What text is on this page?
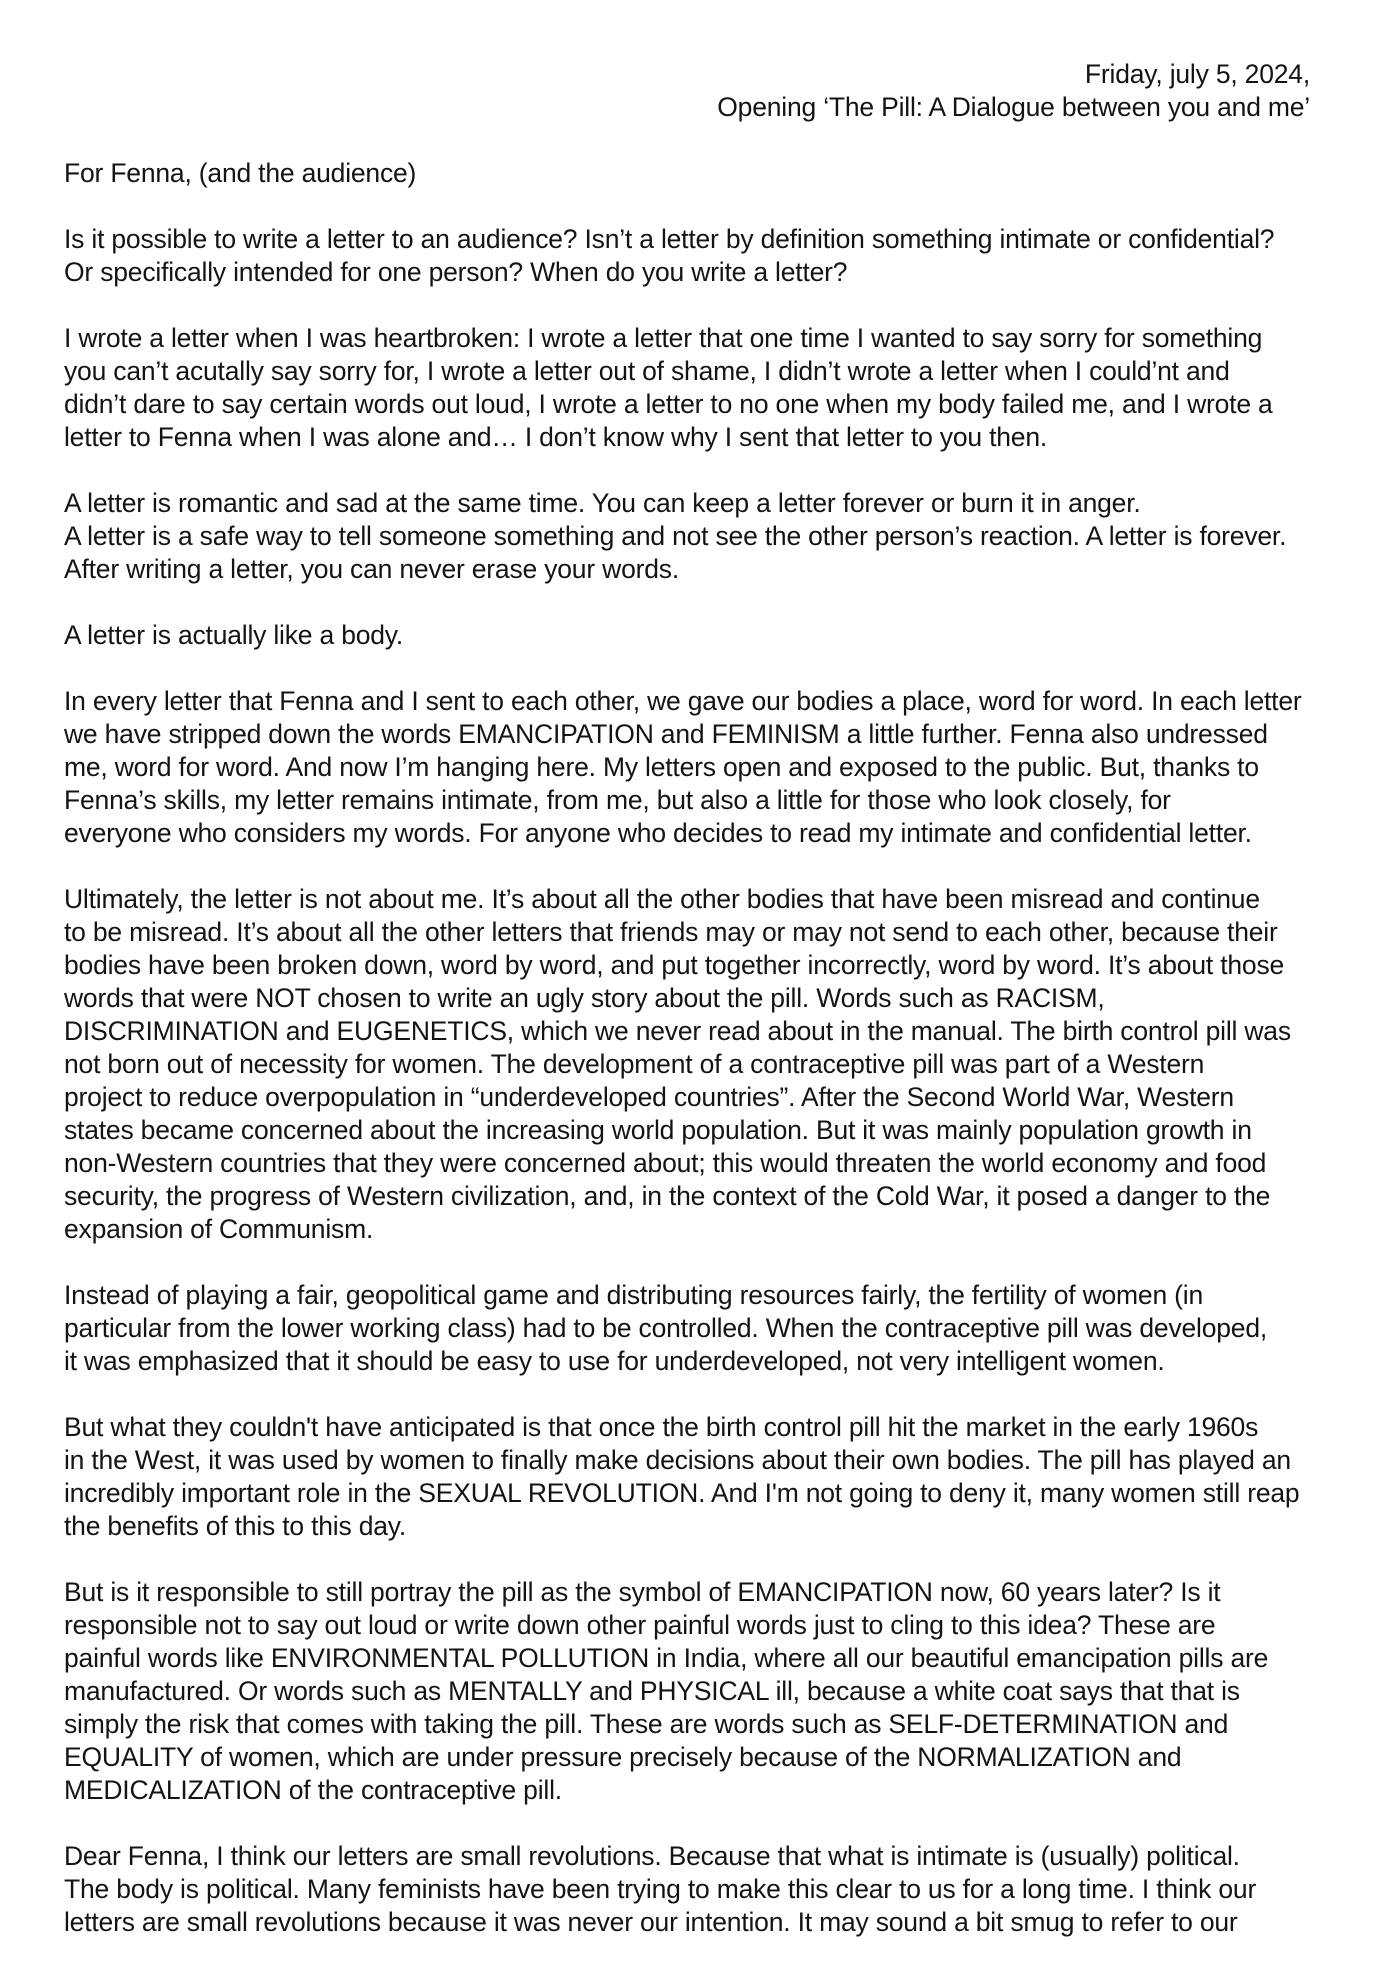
Friday, july 5, 2024,
Opening ‘The Pill: A Dialogue between you and me’
For Fenna, (and the audience)
Is it possible to write a letter to an audience? Isn’t a letter by definition something intimate or confidential?
Or specifically intended for one person? When do you write a letter?
I wrote a letter when I was heartbroken: I wrote a letter that one time I wanted to say sorry for something
you can’t acutally say sorry for, I wrote a letter out of shame, I didn’t wrote a letter when I could’nt and
didn’t dare to say certain words out loud, I wrote a letter to no one when my body failed me, and I wrote a
letter to Fenna when I was alone and… I don’t know why I sent that letter to you then.
A letter is romantic and sad at the same time. You can keep a letter forever or burn it in anger.
A letter is a safe way to tell someone something and not see the other person’s reaction. A letter is forever.
After writing a letter, you can never erase your words.
A letter is actually like a body.
In every letter that Fenna and I sent to each other, we gave our bodies a place, word for word. In each letter
we have stripped down the words EMANCIPATION and FEMINISM a little further. Fenna also undressed
me, word for word. And now I’m hanging here. My letters open and exposed to the public. But, thanks to
Fenna’s skills, my letter remains intimate, from me, but also a little for those who look closely, for
everyone who considers my words. For anyone who decides to read my intimate and confidential letter.
Ultimately, the letter is not about me. It’s about all the other bodies that have been misread and continue
to be misread. It’s about all the other letters that friends may or may not send to each other, because their
bodies have been broken down, word by word, and put together incorrectly, word by word. It’s about those
words that were NOT chosen to write an ugly story about the pill. Words such as RACISM,
DISCRIMINATION and EUGENETICS, which we never read about in the manual. The birth control pill was
not born out of necessity for women. The development of a contraceptive pill was part of a Western
project to reduce overpopulation in “underdeveloped countries”. After the Second World War, Western
states became concerned about the increasing world population. But it was mainly population growth in
non-Western countries that they were concerned about; this would threaten the world economy and food
security, the progress of Western civilization, and, in the context of the Cold War, it posed a danger to the
expansion of Communism.
Instead of playing a fair, geopolitical game and distributing resources fairly, the fertility of women (in
particular from the lower working class) had to be controlled. When the contraceptive pill was developed,
it was emphasized that it should be easy to use for underdeveloped, not very intelligent women.
But what they couldn't have anticipated is that once the birth control pill hit the market in the early 1960s
in the West, it was used by women to finally make decisions about their own bodies. The pill has played an
incredibly important role in the SEXUAL REVOLUTION. And I'm not going to deny it, many women still reap
the benefits of this to this day.
But is it responsible to still portray the pill as the symbol of EMANCIPATION now, 60 years later? Is it
responsible not to say out loud or write down other painful words just to cling to this idea? These are
painful words like ENVIRONMENTAL POLLUTION in India, where all our beautiful emancipation pills are
manufactured. Or words such as MENTALLY and PHYSICAL ill, because a white coat says that that is
simply the risk that comes with taking the pill. These are words such as SELF-DETERMINATION and
EQUALITY of women, which are under pressure precisely because of the NORMALIZATION and
MEDICALIZATION of the contraceptive pill.
Dear Fenna, I think our letters are small revolutions. Because that what is intimate is (usually) political.
The body is political. Many feminists have been trying to make this clear to us for a long time. I think our
letters are small revolutions because it was never our intention. It may sound a bit smug to refer to our
